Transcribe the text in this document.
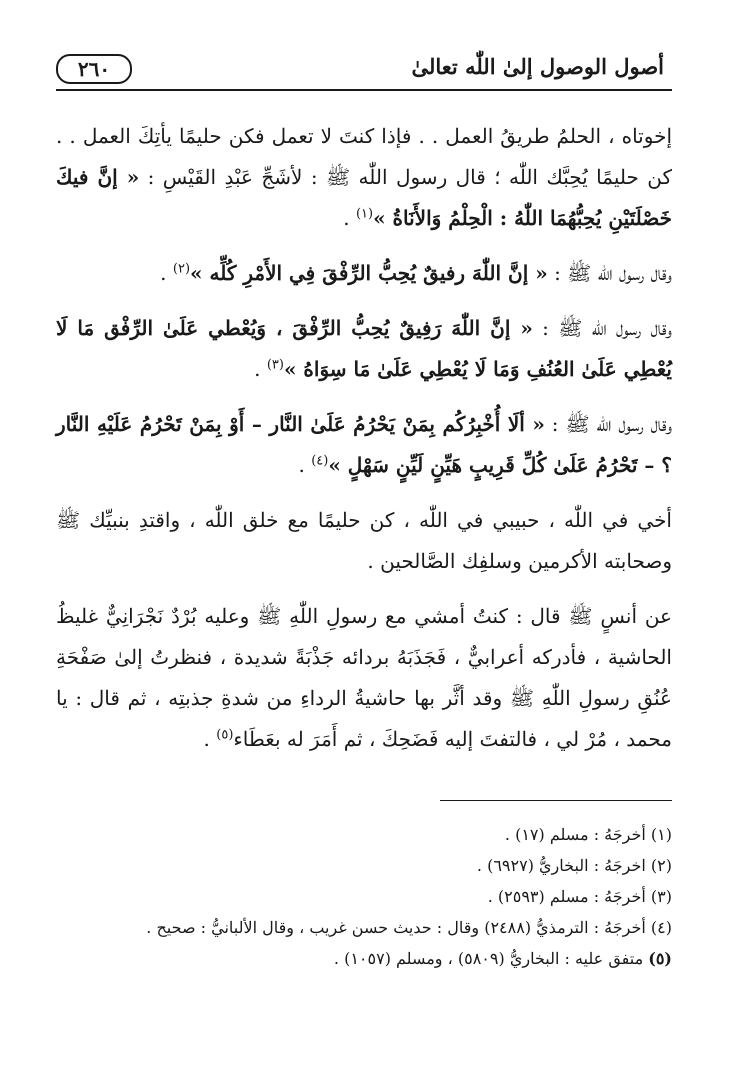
أصول الوصول إلىٰ اللّٰه تعالىٰ
٢٦٠

إخوتاه ، الحلمُ طريقُ العمل . . فإذا كنتَ لا تعمل فكن حليمًا يأتِكَ العمل . . كن حليمًا يُحِبَّك اللّٰه ؛ قال رسول اللّٰه ﷺ : لأشَجِّ عَبْدِ القَيْسِ : « إنَّ فيكَ خَصْلَتَيْنِ يُحِبُّهُمَا اللّٰهُ : الْحِلْمُ وَالأَنَاةُ »$^{(١)}$ .

وقال رسول اللّٰه ﷺ : « إنَّ اللّٰهَ رفيقٌ يُحِبُّ الرِّفْقَ فِي الأَمْرِ كُلِّه »$^{(٢)}$ .

وقال رسول اللّٰه ﷺ : « إنَّ اللّٰهَ رَفِيقٌ يُحِبُّ الرِّفْقَ ، وَيُعْطي عَلَىٰ الرِّفْق مَا لَا يُعْطِي عَلَىٰ العُنُفِ وَمَا لَا يُعْطِي عَلَىٰ مَا سِوَاهُ »$^{(٣)}$ .

وقال رسول اللّٰه ﷺ : « ألَا أُخْبِرُكُم بِمَنْ يَحْرُمُ عَلَىٰ النَّار – أَوْ بِمَنْ تَحْرُمُ عَلَيْهِ النَّار ؟ – تَحْرُمُ عَلَىٰ كُلِّ قَرِيبٍ هَيِّنٍ لَيِّنٍ سَهْلٍ »$^{(٤)}$ .

أخي في اللّٰه ، حبيبي في اللّٰه ، كن حليمًا مع خلق اللّٰه ، واقتدِ بنبيِّك ﷺ وصحابته الأكرمين وسلفِك الصَّالحين .

عن أنسٍ ﷺ قال : كنتُ أمشي مع رسولِ اللّٰهِ ﷺ وعليه بُرْدٌ نَجْرَانِيٌّ غليظُ الحاشية ، فأدركه أعرابيٌّ ، فَجَذَبَهُ بردائه جَذْبَةً شديدة ، فنظرتُ إلىٰ صَفْحَةِ عُنُقِ رسولِ اللّٰهِ ﷺ وقد أثَّر بها حاشيةُ الرداءِ من شدةِ جذبتِه ، ثم قال : يا محمد ، مُرْ لي ، فالتفتَ إليه فَضَحِكَ ، ثم أَمَرَ له بعَطَاء$^{(٥)}$ .

(١) أخرجَهُ : مسلم (١٧) .

(٢) اخرجَهُ : البخاريُّ (٦٩٢٧) .

(٣) أخرجَهُ : مسلم (٢٥٩٣) .

(٤) أخرجَهُ : الترمذيُّ (٢٤٨٨) وقال : حديث حسن غريب ، وقال الألبانيُّ : صحيح .

(٥) متفق عليه : البخاريُّ (٥٨٠٩) ، ومسلم (١٠٥٧) .
